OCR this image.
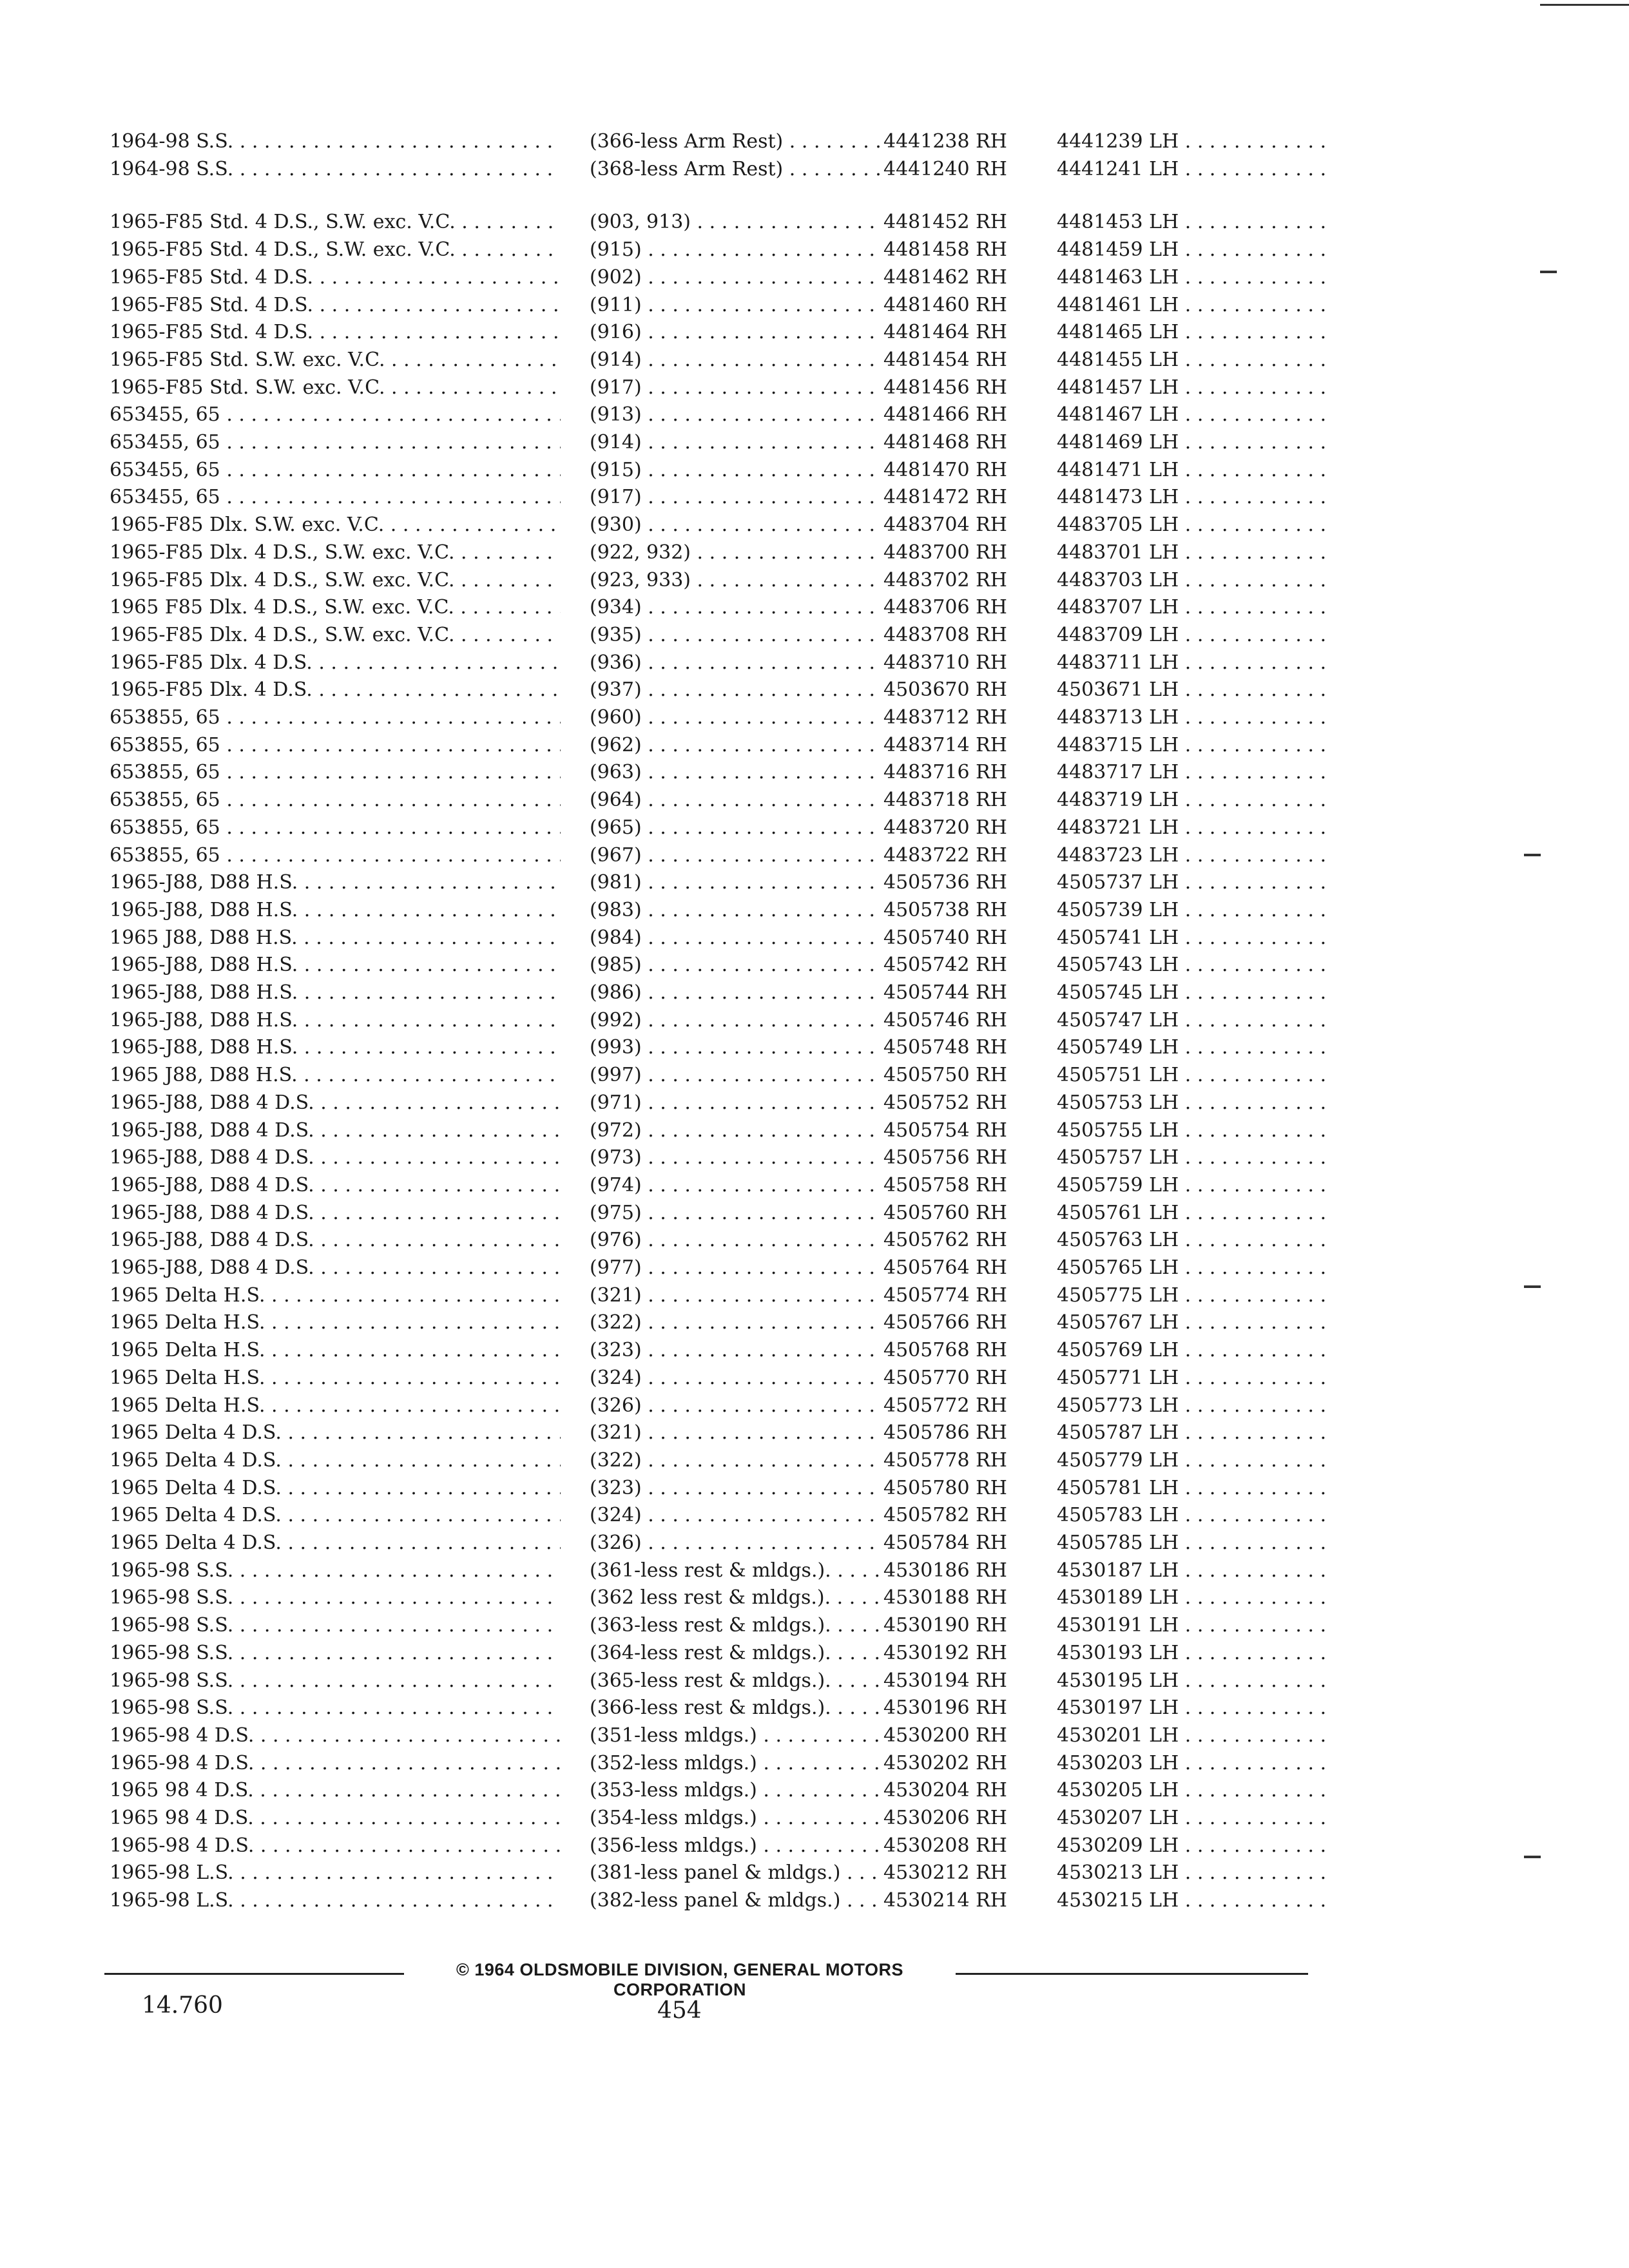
1964-98 S.S. . .	(366-less Arm Rest) . . . . .	4441238 RH	4441239 LH . .
1964-98 S.S. . .	(368-less Arm Rest) . . . . .	4441240 RH	4441241 LH . .
1965-F85 Std. 4 D.S., S.W. exc. V.C. . .	(903, 913) . .	4481452 RH	4481453 LH . .
1965-F85 Std. 4 D.S., S.W. exc. V.C. . .	(915) . .	4481458 RH	4481459 LH . .
1965-F85 Std. 4 D.S. . .	(902) . .	4481462 RH	4481463 LH . .
1965-F85 Std. 4 D.S. . .	(911) . .	4481460 RH	4481461 LH . .
1965-F85 Std. 4 D.S. . .	(916) . .	4481464 RH	4481465 LH . .
1965-F85 Std. S.W. exc. V.C. . .	(914) . .	4481454 RH	4481455 LH . .
1965-F85 Std. S.W. exc. V.C. . .	(917) . .	4481456 RH	4481457 LH . .
653455, 65 . .	(913) . .	4481466 RH	4481467 LH . .
653455, 65 . .	(914) . .	4481468 RH	4481469 LH . .
653455, 65 . .	(915) . .	4481470 RH	4481471 LH . .
653455, 65 . .	(917) . .	4481472 RH	4481473 LH . .
1965-F85 Dlx. S.W. exc. V.C. . .	(930) . .	4483704 RH	4483705 LH . .
1965-F85 Dlx. 4 D.S., S.W. exc. V.C. . .	(922, 932) . .	4483700 RH	4483701 LH . .
1965-F85 Dlx. 4 D.S., S.W. exc. V.C. . .	(923, 933) . .	4483702 RH	4483703 LH . .
1965 F85 Dlx. 4 D.S., S.W. exc. V.C. . .	(934) . .	4483706 RH	4483707 LH . .
1965-F85 Dlx. 4 D.S., S.W. exc. V.C. . .	(935) . .	4483708 RH	4483709 LH . .
1965-F85 Dlx. 4 D.S. . .	(936) . .	4483710 RH	4483711 LH . .
1965-F85 Dlx. 4 D.S. . .	(937) . .	4503670 RH	4503671 LH . .
653855, 65 . .	(960) . .	4483712 RH	4483713 LH . .
653855, 65 . .	(962) . .	4483714 RH	4483715 LH . .
653855, 65 . .	(963) . .	4483716 RH	4483717 LH . .
653855, 65 . .	(964) . .	4483718 RH	4483719 LH . .
653855, 65 . .	(965) . .	4483720 RH	4483721 LH . .
653855, 65 . .	(967) . .	4483722 RH	4483723 LH . .
1965-J88, D88 H.S. . .	(981) . .	4505736 RH	4505737 LH . .
1965-J88, D88 H.S. . .	(983) . .	4505738 RH	4505739 LH . .
1965 J88, D88 H.S. . .	(984) . .	4505740 RH	4505741 LH . .
1965-J88, D88 H.S. . .	(985) . .	4505742 RH	4505743 LH . .
1965-J88, D88 H.S. . .	(986) . .	4505744 RH	4505745 LH . .
1965-J88, D88 H.S. . .	(992) . .	4505746 RH	4505747 LH . .
1965-J88, D88 H.S. . .	(993) . .	4505748 RH	4505749 LH . .
1965 J88, D88 H.S. . .	(997) . .	4505750 RH	4505751 LH . .
1965-J88, D88 4 D.S. . .	(971) . .	4505752 RH	4505753 LH . .
1965-J88, D88 4 D.S. . .	(972) . .	4505754 RH	4505755 LH . .
1965-J88, D88 4 D.S. . .	(973) . .	4505756 RH	4505757 LH . .
1965-J88, D88 4 D.S. . .	(974) . .	4505758 RH	4505759 LH . .
1965-J88, D88 4 D.S. . .	(975) . .	4505760 RH	4505761 LH . .
1965-J88, D88 4 D.S. . .	(976) . .	4505762 RH	4505763 LH . .
1965-J88, D88 4 D.S. . .	(977) . .	4505764 RH	4505765 LH . .
1965 Delta H.S. . .	(321) . .	4505774 RH	4505775 LH . .
1965 Delta H.S. . .	(322) . .	4505766 RH	4505767 LH . .
1965 Delta H.S. . .	(323) . .	4505768 RH	4505769 LH . .
1965 Delta H.S. . .	(324) . .	4505770 RH	4505771 LH . .
1965 Delta H.S. . .	(326) . .	4505772 RH	4505773 LH . .
1965 Delta 4 D.S. . .	(321) . .	4505786 RH	4505787 LH . .
1965 Delta 4 D.S. . .	(322) . .	4505778 RH	4505779 LH . .
1965 Delta 4 D.S. . .	(323) . .	4505780 RH	4505781 LH . .
1965 Delta 4 D.S. . .	(324) . .	4505782 RH	4505783 LH . .
1965 Delta 4 D.S. . .	(326) . .	4505784 RH	4505785 LH . .
1965-98 S.S. . .	(361-less rest & mldgs.). . .	4530186 RH	4530187 LH . .
1965-98 S.S. . .	(362 less rest & mldgs.). . .	4530188 RH	4530189 LH . .
1965-98 S.S. . .	(363-less rest & mldgs.). . .	4530190 RH	4530191 LH . .
1965-98 S.S. . .	(364-less rest & mldgs.). . .	4530192 RH	4530193 LH . .
1965-98 S.S. . .	(365-less rest & mldgs.). . .	4530194 RH	4530195 LH . .
1965-98 S.S. . .	(366-less rest & mldgs.). . .	4530196 RH	4530197 LH . .
1965-98 4 D.S. . .	(351-less mldgs.) . . . . . .	4530200 RH	4530201 LH . .
1965-98 4 D.S. . .	(352-less mldgs.) . . . . . .	4530202 RH	4530203 LH . .
1965 98 4 D.S. . .	(353-less mldgs.) . . . . . .	4530204 RH	4530205 LH . .
1965 98 4 D.S. . .	(354-less mldgs.) . . . . . .	4530206 RH	4530207 LH . .
1965-98 4 D.S. . .	(356-less mldgs.) . . . . . .	4530208 RH	4530209 LH . .
1965-98 L.S. . .	(381-less panel & mldgs.) . .	4530212 RH	4530213 LH . .
1965-98 L.S. . .	(382-less panel & mldgs.) . .	4530214 RH	4530215 LH . .
© 1964 OLDSMOBILE DIVISION, GENERAL MOTORS CORPORATION
14.760	454
